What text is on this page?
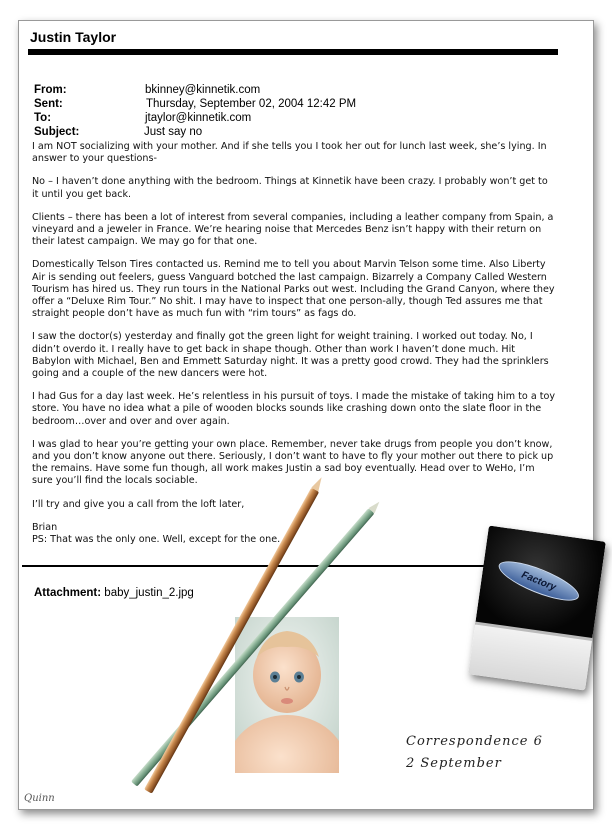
Justin Taylor
From:	bkinney@kinnetik.com
Sent:	Thursday, September 02, 2004 12:42 PM
To:	jtaylor@kinnetik.com
Subject:	Just say no

I am NOT socializing with your mother. And if she tells you I took her out for lunch last week, she’s lying. In answer to your questions-

No – I haven’t done anything with the bedroom. Things at Kinnetik have been crazy. I probably won’t get to it until you get back.

Clients – there has been a lot of interest from several companies, including a leather company from Spain, a vineyard and a jeweler in France. We’re hearing noise that Mercedes Benz isn’t happy with their return on their latest campaign. We may go for that one.

Domestically Telson Tires contacted us. Remind me to tell you about Marvin Telson some time. Also Liberty Air is sending out feelers, guess Vanguard botched the last campaign. Bizarrely a Company Called Western Tourism has hired us. They run tours in the National Parks out west. Including the Grand Canyon, where they offer a “Deluxe Rim Tour.” No shit. I may have to inspect that one person-ally, though Ted assures me that straight people don’t have as much fun with “rim tours” as fags do.

I saw the doctor(s) yesterday and finally got the green light for weight training. I worked out today. No, I didn’t overdo it. I really have to get back in shape though. Other than work I haven’t done much. Hit Babylon with Michael, Ben and Emmett Saturday night. It was a pretty good crowd. They had the sprinklers going and a couple of the new dancers were hot.

I had Gus for a day last week. He’s relentless in his pursuit of toys. I made the mistake of taking him to a toy store. You have no idea what a pile of wooden blocks sounds like crashing down onto the slate floor in the bedroom…over and over and over again.

I was glad to hear you’re getting your own place. Remember, never take drugs from people you don’t know, and you don’t know anyone out there. Seriously, I don’t want to have to fly your mother out there to pick up the remains. Have some fun though, all work makes Justin a sad boy eventually. Head over to WeHo, I’m sure you’ll find the locals sociable.

I’ll try and give you a call from the loft later,

Brian
PS: That was the only one. Well, except for the one.

Attachment: baby_justin_2.jpg
Factory
Correspondence 6
2 September
Quinn
